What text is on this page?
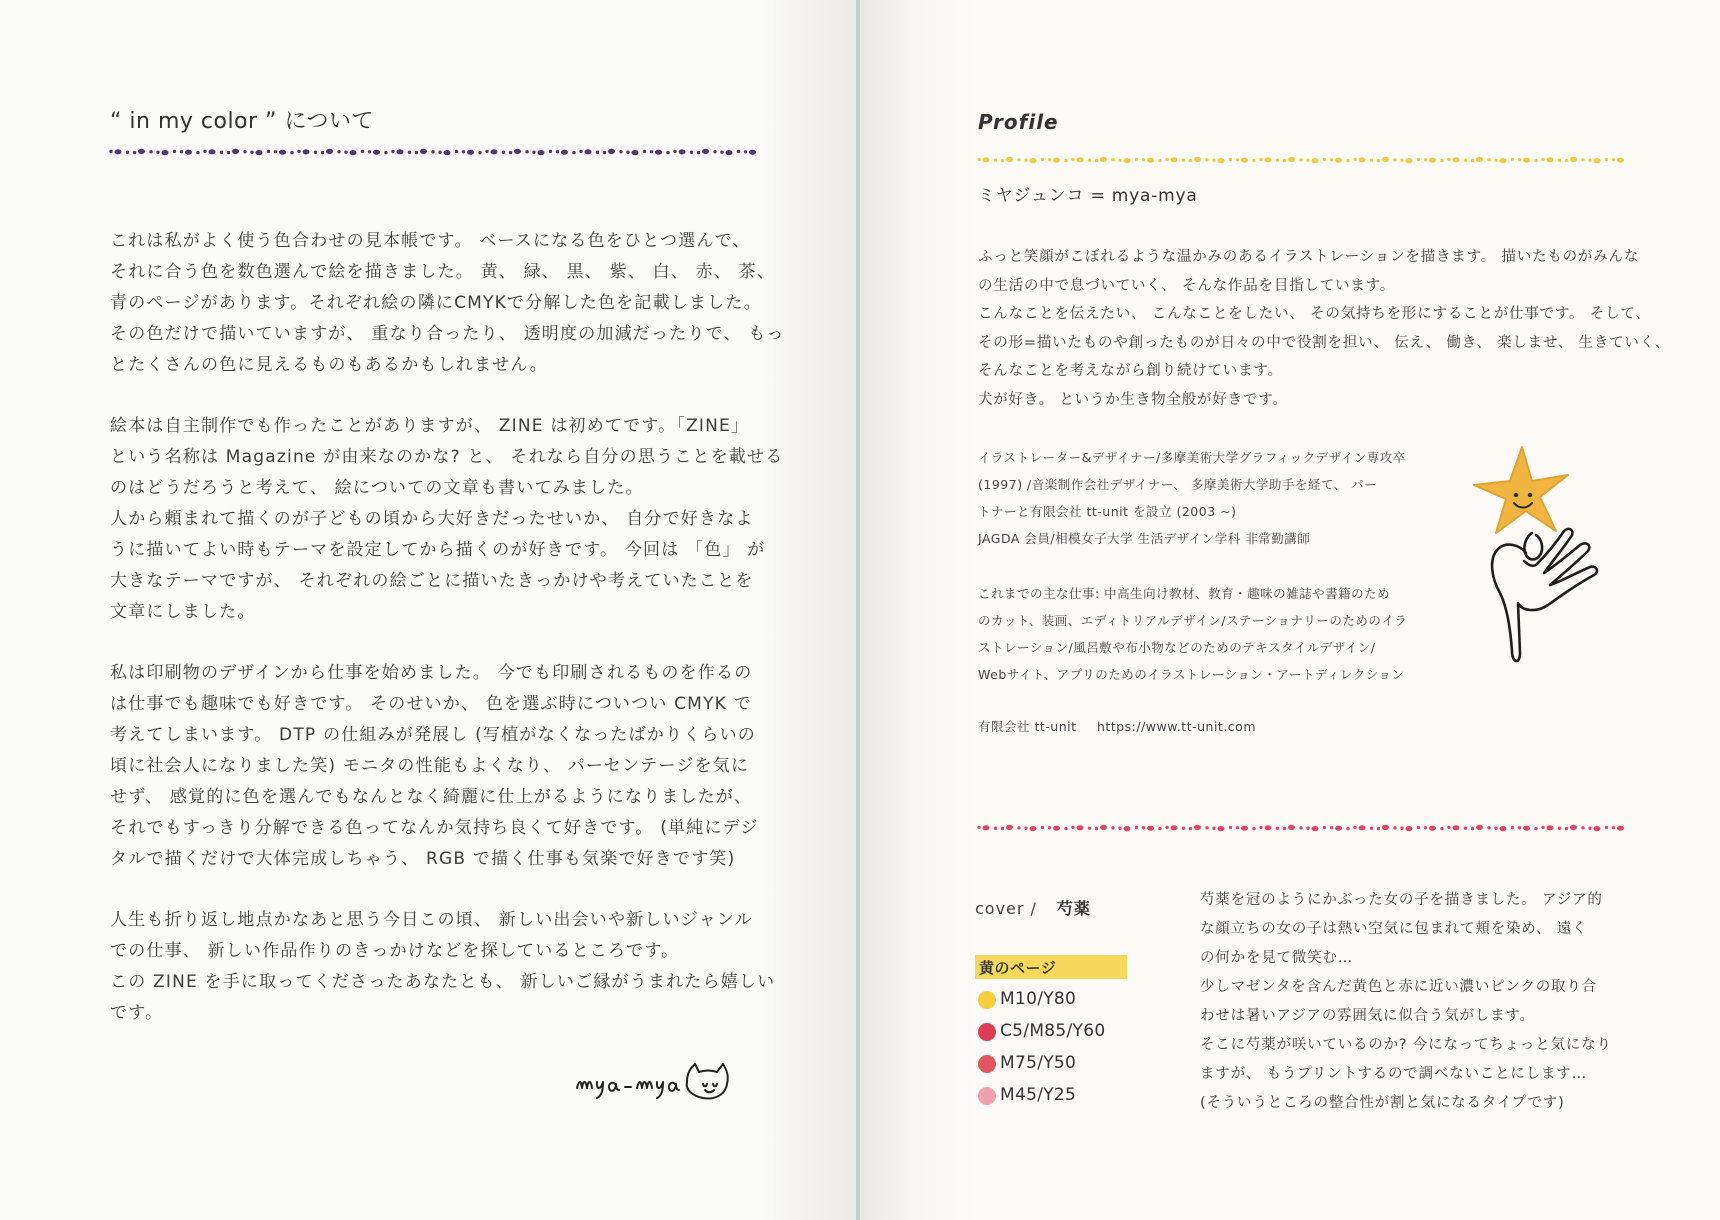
“ in my color ” について
これは私がよく使う色合わせの見本帳です。 ベースになる色をひとつ選んで、
それに合う色を数色選んで絵を描きました。 黄、 緑、 黒、 紫、 白、 赤、 茶、
青のページがあります。それぞれ絵の隣にCMYKで分解した色を記載しました。
その色だけで描いていますが、 重なり合ったり、 透明度の加減だったりで、 もっ
とたくさんの色に見えるものもあるかもしれません。
絵本は自主制作でも作ったことがありますが、 ZINE は初めてです。「ZINE」
という名称は Magazine が由来なのかな? と、 それなら自分の思うことを載せる
のはどうだろうと考えて、 絵についての文章も書いてみました。
人から頼まれて描くのが子どもの頃から大好きだったせいか、 自分で好きなよ
うに描いてよい時もテーマを設定してから描くのが好きです。 今回は 「色」 が
大きなテーマですが、 それぞれの絵ごとに描いたきっかけや考えていたことを
文章にしました。
私は印刷物のデザインから仕事を始めました。 今でも印刷されるものを作るの
は仕事でも趣味でも好きです。 そのせいか、 色を選ぶ時についつい CMYK で
考えてしまいます。 DTP の仕組みが発展し (写植がなくなったばかりくらいの
頃に社会人になりました笑) モニタの性能もよくなり、 パーセンテージを気に
せず、 感覚的に色を選んでもなんとなく綺麗に仕上がるようになりましたが、
それでもすっきり分解できる色ってなんか気持ち良くて好きです。 (単純にデジ
タルで描くだけで大体完成しちゃう、 RGB で描く仕事も気楽で好きです笑)
人生も折り返し地点かなあと思う今日この頃、 新しい出会いや新しいジャンル
での仕事、 新しい作品作りのきっかけなどを探しているところです。
この ZINE を手に取ってくださったあなたとも、 新しいご縁がうまれたら嬉しい
です。
Profile
ミヤジュンコ = mya-mya
ふっと笑顔がこぼれるような温かみのあるイラストレーションを描きます。 描いたものがみんな
の生活の中で息づいていく、 そんな作品を目指しています。
こんなことを伝えたい、 こんなことをしたい、 その気持ちを形にすることが仕事です。 そして、
その形=描いたものや創ったものが日々の中で役割を担い、 伝え、 働き、 楽しませ、 生きていく、
そんなことを考えながら創り続けています。
犬が好き。 というか生き物全般が好きです。
イラストレーター&デザイナー/多摩美術大学グラフィックデザイン専攻卒
(1997) /音楽制作会社デザイナー、 多摩美術大学助手を経て、 パー
トナーと有限会社 tt-unit を設立 (2003 ~)
JAGDA 会員/相模女子大学 生活デザイン学科 非常勤講師
これまでの主な仕事: 中高生向け教材、教育・趣味の雑誌や書籍のため
のカット、装画、エディトリアルデザイン/ステーショナリーのためのイラ
ストレーション/風呂敷や布小物などのためのテキスタイルデザイン/
Webサイト、アプリのためのイラストレーション・アートディレクション
有限会社 tt-unit https://www.tt-unit.com
cover / 芍薬
黄のページ
M10/Y80
C5/M85/Y60
M75/Y50
M45/Y25
芍薬を冠のようにかぶった女の子を描きました。 アジア的
な顔立ちの女の子は熱い空気に包まれて頬を染め、 遠く
の何かを見て微笑む…
少しマゼンタを含んだ黄色と赤に近い濃いピンクの取り合
わせは暑いアジアの雰囲気に似合う気がします。
そこに芍薬が咲いているのか? 今になってちょっと気になり
ますが、 もうプリントするので調べないことにします…
(そういうところの整合性が割と気になるタイプです)
